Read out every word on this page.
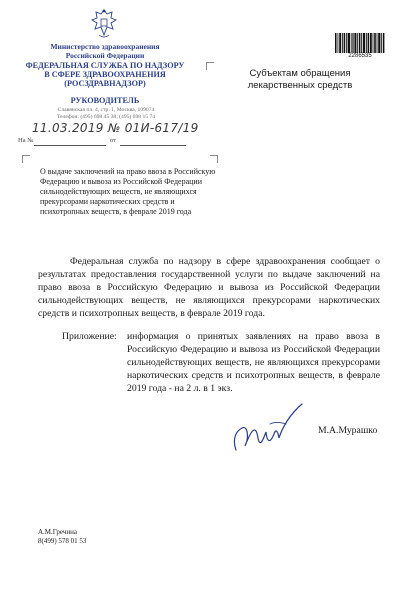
Министерство здравоохранения
Российской Федерации
ФЕДЕРАЛЬНАЯ СЛУЖБА ПО НАДЗОРУ
В СФЕРЕ ЗДРАВООХРАНЕНИЯ
(РОСЗДРАВНАДЗОР)
РУКОВОДИТЕЛЬ
Славянская пл. 4, стр. 1, Москва, 109074
Телефон: (495) 698 45 38; (495) 698 15 74
11.03.2019 № 01И-617/19
На №	от
2286535
Субъектам обращения
лекарственных средств
О выдаче заключений на право ввоза в Российскую Федерацию и вывоза из Российской Федерации сильнодействующих веществ, не являющихся прекурсорами наркотических средств и психотропных веществ, в феврале 2019 года
Федеральная служба по надзору в сфере здравоохранения сообщает о результатах предоставления государственной услуги по выдаче заключений на право ввоза в Российскую Федерацию и вывоза из Российской Федерации сильнодействующих веществ, не являющихся прекурсорами наркотических средств и психотропных веществ, в феврале 2019 года.
Приложение: информация о принятых заявлениях на право ввоза в Российскую Федерацию и вывоза из Российской Федерации сильнодействующих веществ, не являющихся прекурсорами наркотических средств и психотропных веществ, в феврале 2019 года - на 2 л. в 1 экз.
М.А.Мурашко
А.М.Гречина
8(499) 578 01 53
